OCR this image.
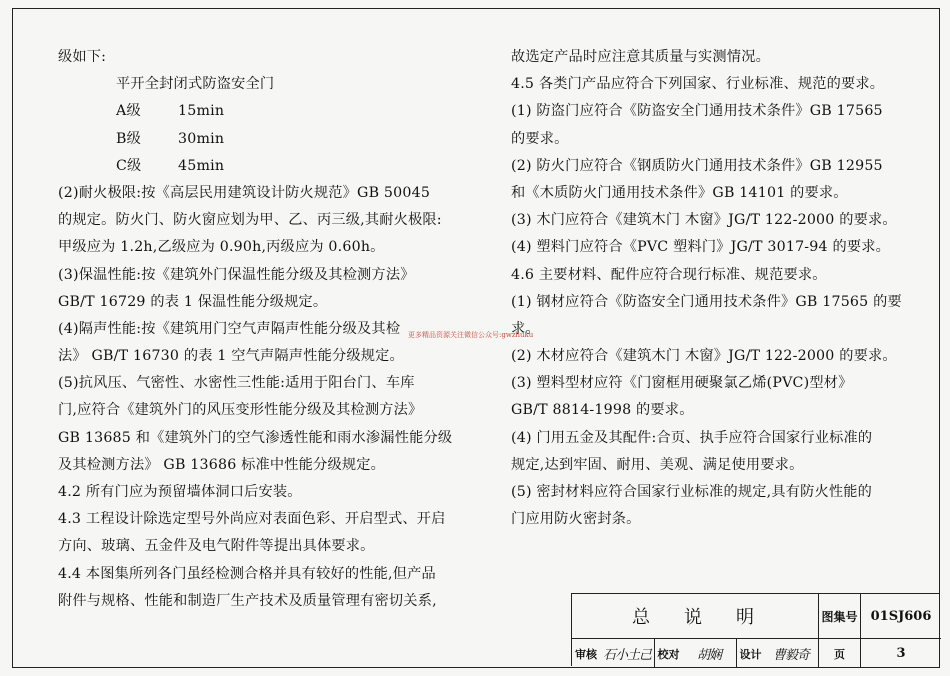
级如下:
平开全封闭式防盗安全门
A级	15min
B级	30min
C级	45min
(2)耐火极限:按《高层民用建筑设计防火规范》GB 50045
的规定。防火门、防火窗应划为甲、乙、丙三级,其耐火极限:
甲级应为 1.2h,乙级应为 0.90h,丙级应为 0.60h。
(3)保温性能:按《建筑外门保温性能分级及其检测方法》
GB/T 16729 的表 1 保温性能分级规定。
(4)隔声性能:按《建筑用门空气声隔声性能分级及其检
法》 GB/T 16730 的表 1 空气声隔声性能分级规定。
(5)抗风压、气密性、水密性三性能:适用于阳台门、车库
门,应符合《建筑外门的风压变形性能分级及其检测方法》
GB 13685 和《建筑外门的空气渗透性能和雨水渗漏性能分级
及其检测方法》 GB 13686 标准中性能分级规定。
4.2 所有门应为预留墙体洞口后安装。
4.3 工程设计除选定型号外尚应对表面色彩、开启型式、开启
方向、玻璃、五金件及电气附件等提出具体要求。
4.4 本图集所列各门虽经检测合格并具有较好的性能,但产品
附件与规格、性能和制造厂生产技术及质量管理有密切关系,
故选定产品时应注意其质量与实测情况。
4.5 各类门产品应符合下列国家、行业标准、规范的要求。
(1) 防盗门应符合《防盗安全门通用技术条件》GB 17565
的要求。
(2) 防火门应符合《钢质防火门通用技术条件》GB 12955
和《木质防火门通用技术条件》GB 14101 的要求。
(3) 木门应符合《建筑木门 木窗》JG/T 122-2000 的要求。
(4) 塑料门应符合《PVC 塑料门》JG/T 3017-94 的要求。
4.6 主要材料、配件应符合现行标准、规范要求。
(1) 钢材应符合《防盗安全门通用技术条件》GB 17565 的要
求。
(2) 木材应符合《建筑木门 木窗》JG/T 122-2000 的要求。
(3) 塑料型材应符《门窗框用硬聚氯乙烯(PVC)型材》
GB/T 8814-1998 的要求。
(4) 门用五金及其配件:合页、执手应符合国家行业标准的
规定,达到牢固、耐用、美观、满足使用要求。
(5) 密封材料应符合国家行业标准的规定,具有防火性能的
门应用防火密封条。
更多精品资源关注微信公众号:gwzhuku
总说明	图集号	01SJ606
审核 石小土己 校对	胡娴	设计 曹毅奇	页	3
